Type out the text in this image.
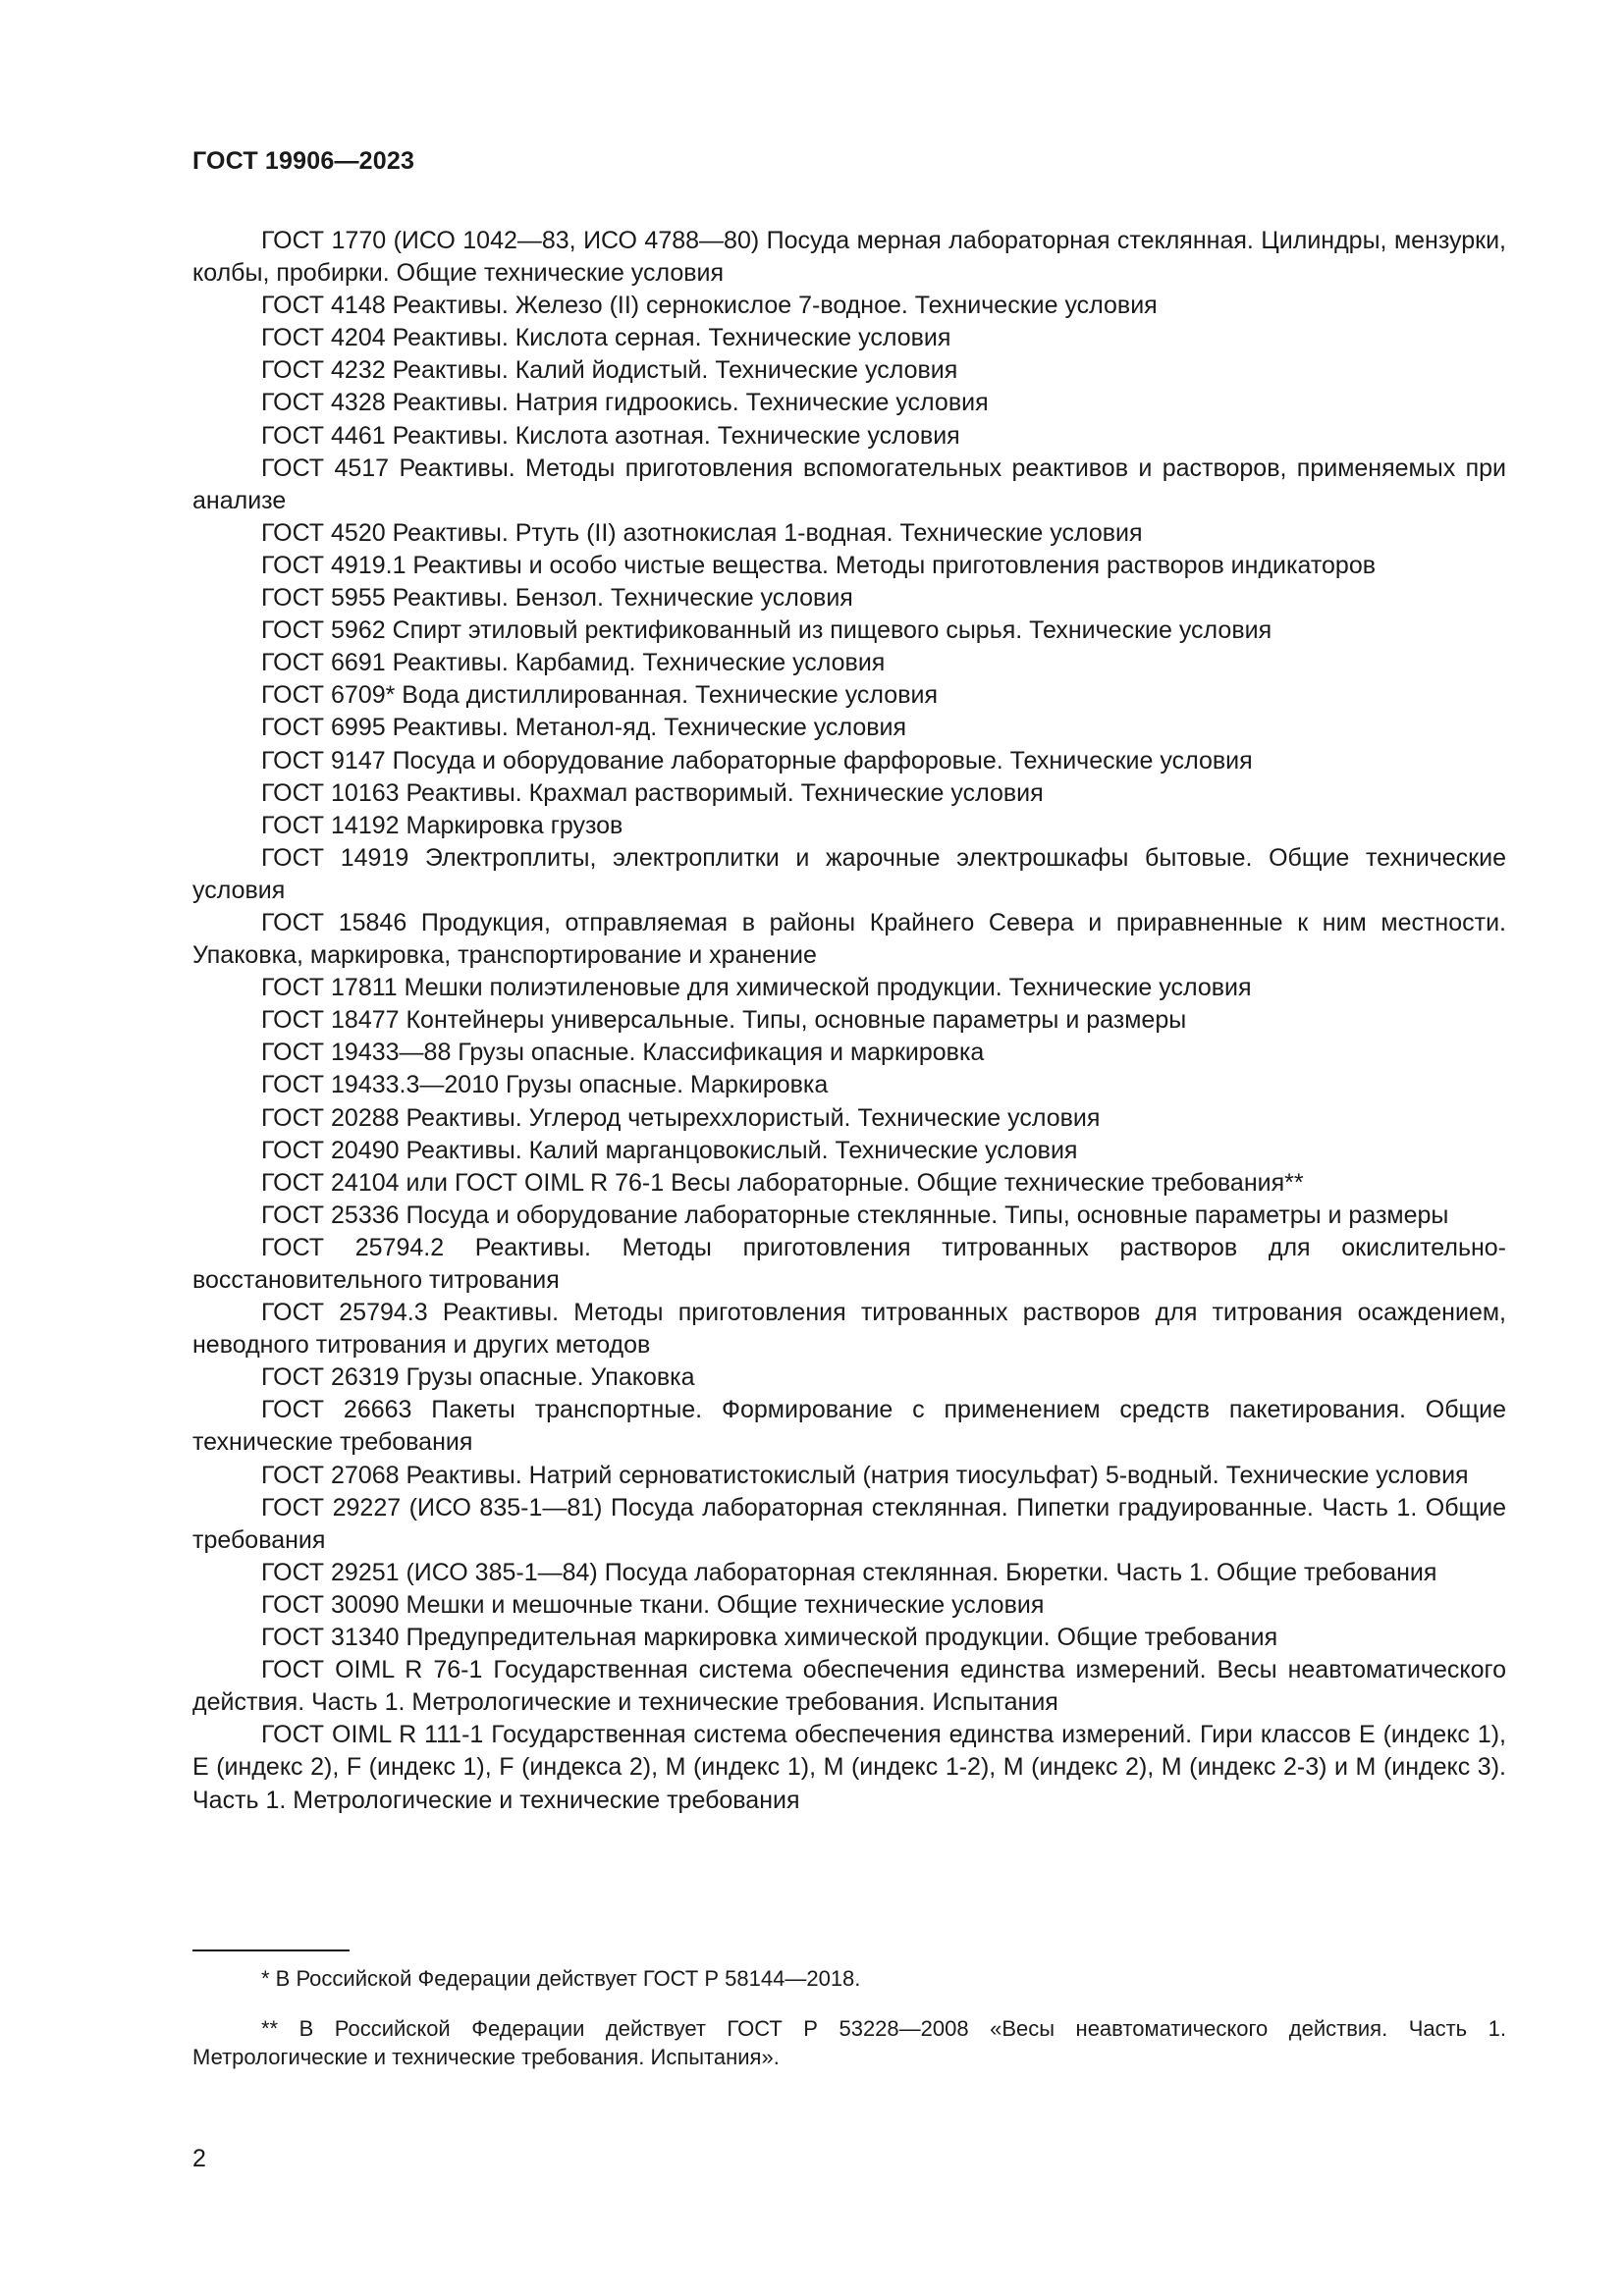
ГОСТ 19906—2023

ГОСТ 1770 (ИСО 1042—83, ИСО 4788—80) Посуда мерная лабораторная стеклянная. Цилиндры, мензурки, колбы, пробирки. Общие технические условия

ГОСТ 4148 Реактивы. Железо (II) сернокислое 7-водное. Технические условия

ГОСТ 4204 Реактивы. Кислота серная. Технические условия

ГОСТ 4232 Реактивы. Калий йодистый. Технические условия

ГОСТ 4328 Реактивы. Натрия гидроокись. Технические условия

ГОСТ 4461 Реактивы. Кислота азотная. Технические условия

ГОСТ 4517 Реактивы. Методы приготовления вспомогательных реактивов и растворов, применяемых при анализе

ГОСТ 4520 Реактивы. Ртуть (II) азотнокислая 1-водная. Технические условия

ГОСТ 4919.1 Реактивы и особо чистые вещества. Методы приготовления растворов индикаторов

ГОСТ 5955 Реактивы. Бензол. Технические условия

ГОСТ 5962 Спирт этиловый ректификованный из пищевого сырья. Технические условия

ГОСТ 6691 Реактивы. Карбамид. Технические условия

ГОСТ 6709* Вода дистиллированная. Технические условия

ГОСТ 6995 Реактивы. Метанол-яд. Технические условия

ГОСТ 9147 Посуда и оборудование лабораторные фарфоровые. Технические условия

ГОСТ 10163 Реактивы. Крахмал растворимый. Технические условия

ГОСТ 14192 Маркировка грузов

ГОСТ 14919 Электроплиты, электроплитки и жарочные электрошкафы бытовые. Общие технические условия

ГОСТ 15846 Продукция, отправляемая в районы Крайнего Севера и приравненные к ним местности. Упаковка, маркировка, транспортирование и хранение

ГОСТ 17811 Мешки полиэтиленовые для химической продукции. Технические условия

ГОСТ 18477 Контейнеры универсальные. Типы, основные параметры и размеры

ГОСТ 19433—88 Грузы опасные. Классификация и маркировка

ГОСТ 19433.3—2010 Грузы опасные. Маркировка

ГОСТ 20288 Реактивы. Углерод четыреххлористый. Технические условия

ГОСТ 20490 Реактивы. Калий марганцовокислый. Технические условия

ГОСТ 24104 или ГОСТ OIML R 76-1 Весы лабораторные. Общие технические требования**

ГОСТ 25336 Посуда и оборудование лабораторные стеклянные. Типы, основные параметры и размеры

ГОСТ 25794.2 Реактивы. Методы приготовления титрованных растворов для окислительно-восстановительного титрования

ГОСТ 25794.3 Реактивы. Методы приготовления титрованных растворов для титрования осаждением, неводного титрования и других методов

ГОСТ 26319 Грузы опасные. Упаковка

ГОСТ 26663 Пакеты транспортные. Формирование с применением средств пакетирования. Общие технические требования

ГОСТ 27068 Реактивы. Натрий серноватистокислый (натрия тиосульфат) 5-водный. Технические условия

ГОСТ 29227 (ИСО 835-1—81) Посуда лабораторная стеклянная. Пипетки градуированные. Часть 1. Общие требования

ГОСТ 29251 (ИСО 385-1—84) Посуда лабораторная стеклянная. Бюретки. Часть 1. Общие требования

ГОСТ 30090 Мешки и мешочные ткани. Общие технические условия

ГОСТ 31340 Предупредительная маркировка химической продукции. Общие требования

ГОСТ OIML R 76-1 Государственная система обеспечения единства измерений. Весы неавтоматического действия. Часть 1. Метрологические и технические требования. Испытания

ГОСТ OIML R 111-1 Государственная система обеспечения единства измерений. Гири классов E (индекс 1), E (индекс 2), F (индекс 1), F (индекса 2), M (индекс 1), M (индекс 1-2), M (индекс 2), M (индекс 2-3) и M (индекс 3). Часть 1. Метрологические и технические требования

* В Российской Федерации действует ГОСТ Р 58144—2018.

** В Российской Федерации действует ГОСТ Р 53228—2008 «Весы неавтоматического действия. Часть 1. Метрологические и технические требования. Испытания».

2
